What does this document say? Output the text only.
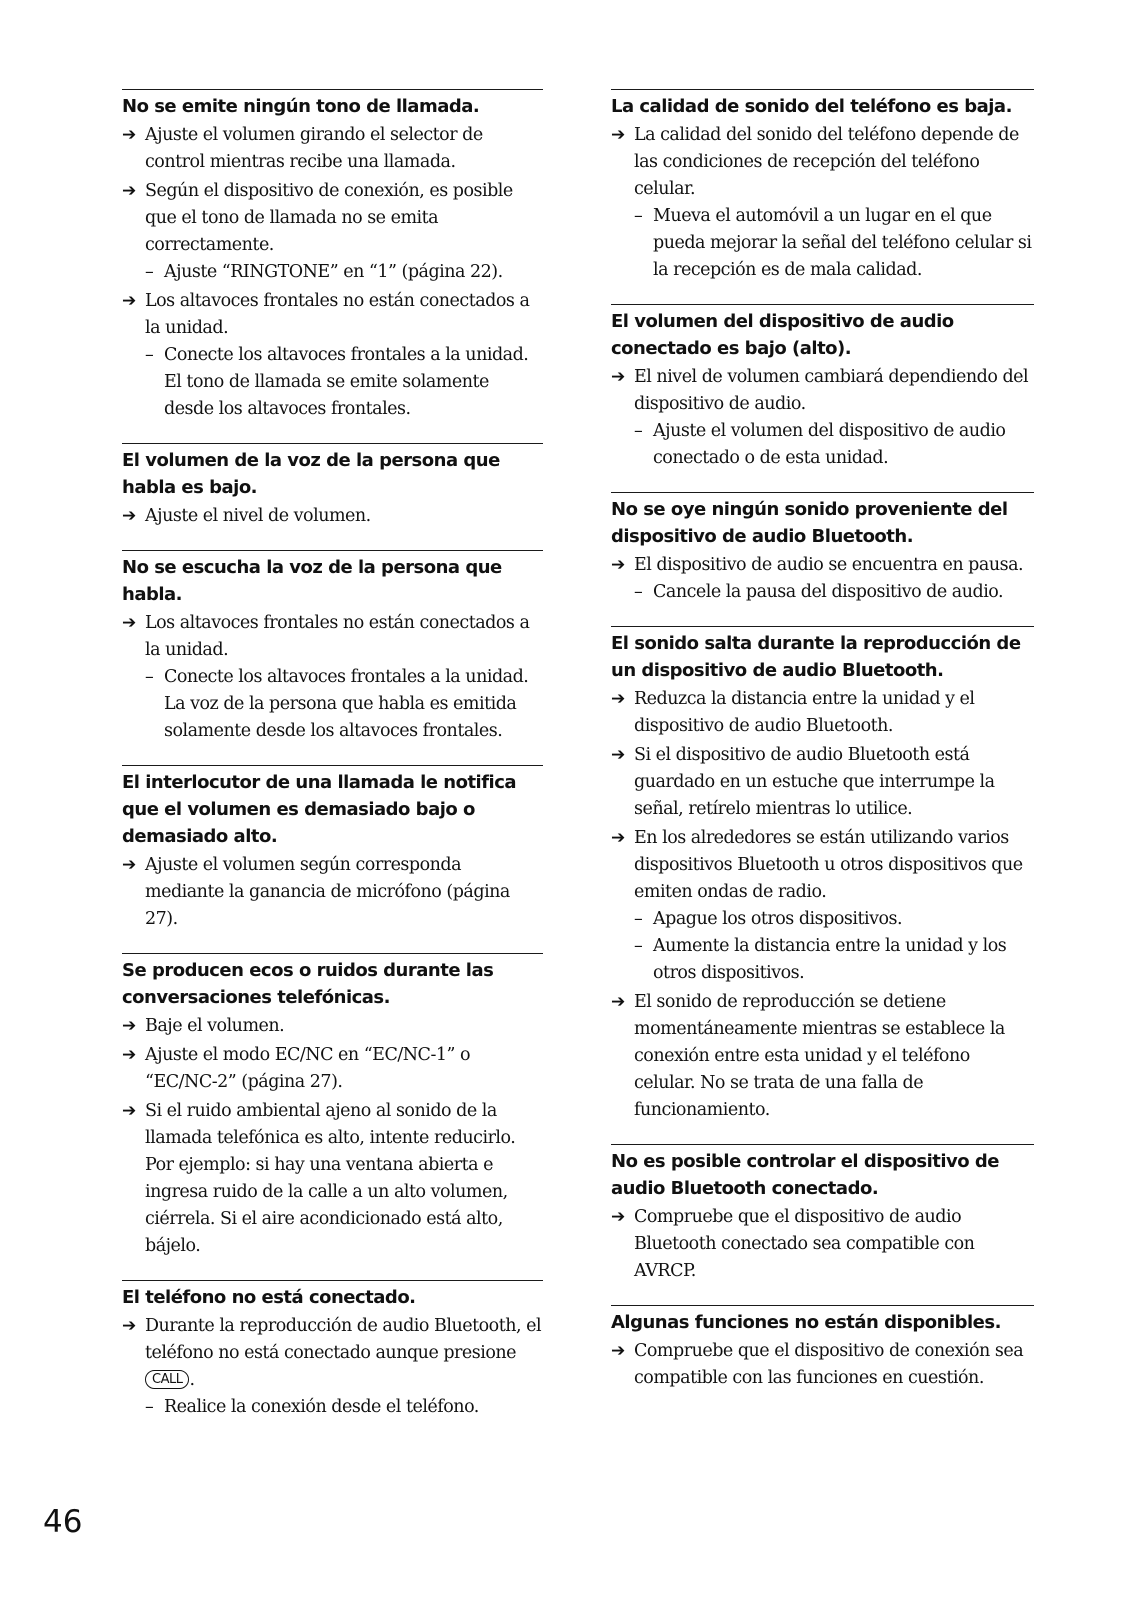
No se emite ningún tono de llamada.
➔ Ajuste el volumen girando el selector de control mientras recibe una llamada.
➔ Según el dispositivo de conexión, es posible que el tono de llamada no se emita correctamente.
– Ajuste “RINGTONE” en “1” (página 22).
➔ Los altavoces frontales no están conectados a la unidad.
– Conecte los altavoces frontales a la unidad. El tono de llamada se emite solamente desde los altavoces frontales.
El volumen de la voz de la persona que habla es bajo.
➔ Ajuste el nivel de volumen.
No se escucha la voz de la persona que habla.
➔ Los altavoces frontales no están conectados a la unidad.
– Conecte los altavoces frontales a la unidad. La voz de la persona que habla es emitida solamente desde los altavoces frontales.
El interlocutor de una llamada le notifica que el volumen es demasiado bajo o demasiado alto.
➔ Ajuste el volumen según corresponda mediante la ganancia de micrófono (página 27).
Se producen ecos o ruidos durante las conversaciones telefónicas.
➔ Baje el volumen.
➔ Ajuste el modo EC/NC en “EC/NC-1” o “EC/NC-2” (página 27).
➔ Si el ruido ambiental ajeno al sonido de la llamada telefónica es alto, intente reducirlo. Por ejemplo: si hay una ventana abierta e ingresa ruido de la calle a un alto volumen, ciérrela. Si el aire acondicionado está alto, bájelo.
El teléfono no está conectado.
➔ Durante la reproducción de audio Bluetooth, el teléfono no está conectado aunque presione CALL .
– Realice la conexión desde el teléfono.
La calidad de sonido del teléfono es baja.
➔ La calidad del sonido del teléfono depende de las condiciones de recepción del teléfono celular.
– Mueva el automóvil a un lugar en el que pueda mejorar la señal del teléfono celular si la recepción es de mala calidad.
El volumen del dispositivo de audio conectado es bajo (alto).
➔ El nivel de volumen cambiará dependiendo del dispositivo de audio.
– Ajuste el volumen del dispositivo de audio conectado o de esta unidad.
No se oye ningún sonido proveniente del dispositivo de audio Bluetooth.
➔ El dispositivo de audio se encuentra en pausa.
– Cancele la pausa del dispositivo de audio.
El sonido salta durante la reproducción de un dispositivo de audio Bluetooth.
➔ Reduzca la distancia entre la unidad y el dispositivo de audio Bluetooth.
➔ Si el dispositivo de audio Bluetooth está guardado en un estuche que interrumpe la señal, retírelo mientras lo utilice.
➔ En los alrededores se están utilizando varios dispositivos Bluetooth u otros dispositivos que emiten ondas de radio.
– Apague los otros dispositivos.
– Aumente la distancia entre la unidad y los otros dispositivos.
➔ El sonido de reproducción se detiene momentáneamente mientras se establece la conexión entre esta unidad y el teléfono celular. No se trata de una falla de funcionamiento.
No es posible controlar el dispositivo de audio Bluetooth conectado.
➔ Compruebe que el dispositivo de audio Bluetooth conectado sea compatible con AVRCP.
Algunas funciones no están disponibles.
➔ Compruebe que el dispositivo de conexión sea compatible con las funciones en cuestión.
46
